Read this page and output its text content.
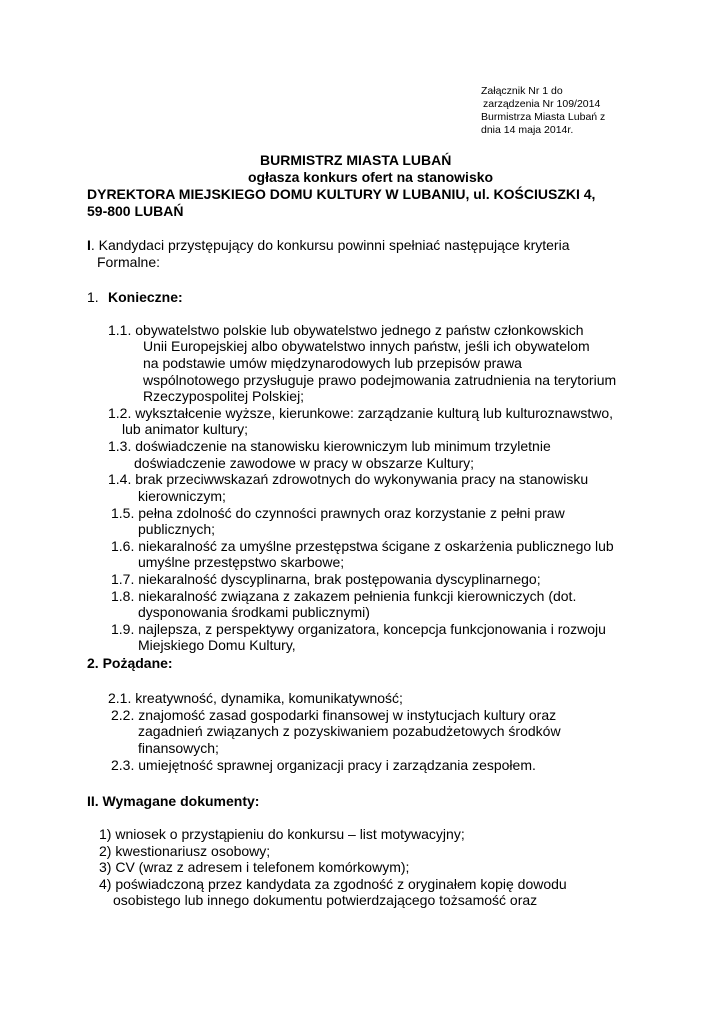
Załącznik Nr 1 do

zarządzenia Nr 109/2014

Burmistrza Miasta Lubań z

dnia 14 maja 2014r.

BURMISTRZ MIASTA LUBAŃ

ogłasza konkurs ofert na stanowisko

DYREKTORA MIEJSKIEGO DOMU KULTURY W LUBANIU, ul. KOŚCIUSZKI 4,

59-800 LUBAŃ

I. Kandydaci przystępujący do konkursu powinni spełniać następujące kryteria

Formalne:

1. Konieczne:

1.1. obywatelstwo polskie lub obywatelstwo jednego z państw członkowskich

Unii Europejskiej albo obywatelstwo innych państw, jeśli ich obywatelom

na podstawie umów międzynarodowych lub przepisów prawa

wspólnotowego przysługuje prawo podejmowania zatrudnienia na terytorium

Rzeczypospolitej Polskiej;

1.2. wykształcenie wyższe, kierunkowe: zarządzanie kulturą lub kulturoznawstwo,

lub animator kultury;

1.3. doświadczenie na stanowisku kierowniczym lub minimum trzyletnie

doświadczenie zawodowe w pracy w obszarze Kultury;

1.4. brak przeciwwskazań zdrowotnych do wykonywania pracy na stanowisku

kierowniczym;

1.5. pełna zdolność do czynności prawnych oraz korzystanie z pełni praw

publicznych;

1.6. niekaralność za umyślne przestępstwa ścigane z oskarżenia publicznego lub

umyślne przestępstwo skarbowe;

1.7. niekaralność dyscyplinarna, brak postępowania dyscyplinarnego;

1.8. niekaralność związana z zakazem pełnienia funkcji kierowniczych (dot.

dysponowania środkami publicznymi)

1.9. najlepsza, z perspektywy organizatora, koncepcja funkcjonowania i rozwoju

Miejskiego Domu Kultury,

2. Pożądane:

2.1. kreatywność, dynamika, komunikatywność;

2.2. znajomość zasad gospodarki finansowej w instytucjach kultury oraz

zagadnień związanych z pozyskiwaniem pozabudżetowych środków

finansowych;

2.3. umiejętność sprawnej organizacji pracy i zarządzania zespołem.

II. Wymagane dokumenty:

1) wniosek o przystąpieniu do konkursu – list motywacyjny;

2) kwestionariusz osobowy;

3) CV (wraz z adresem i telefonem komórkowym);

4) poświadczoną przez kandydata za zgodność z oryginałem kopię dowodu

osobistego lub innego dokumentu potwierdzającego tożsamość oraz
